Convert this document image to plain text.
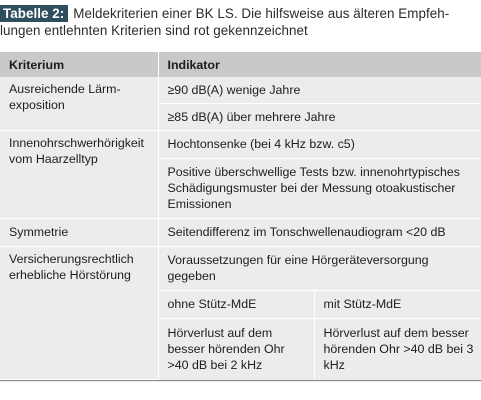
Tabelle 2: Meldekriterien einer BK LS. Die hilfsweise aus älteren Empfeh-
lungen entlehnten Kriterien sind rot gekennzeichnet
Kriterium	Indikator	
Ausreichende Lärm-exposition	≥90 dB(A) wenige Jahre	
	≥85 dB(A) über mehrere Jahre	
Innenohrschwerhörigkeit vom Haarzelltyp	Hochtonsenke (bei 4 kHz bzw. c5)	
	Positive überschwellige Tests bzw. innenohrtypisches Schädigungsmuster bei der Messung otoakustischer Emissionen	
Symmetrie	Seitendifferenz im Tonschwellenaudiogram <20 dB	
Versicherungsrechtlich erhebliche Hörstörung	Voraussetzungen für eine Hörgeräteversorgung gegeben	
	ohne Stütz-MdE	mit Stütz-MdE
	Hörverlust auf dem besser hörenden Ohr >40 dB bei 2 kHz	Hörverlust auf dem besser hörenden Ohr >40 dB bei 3 kHz
